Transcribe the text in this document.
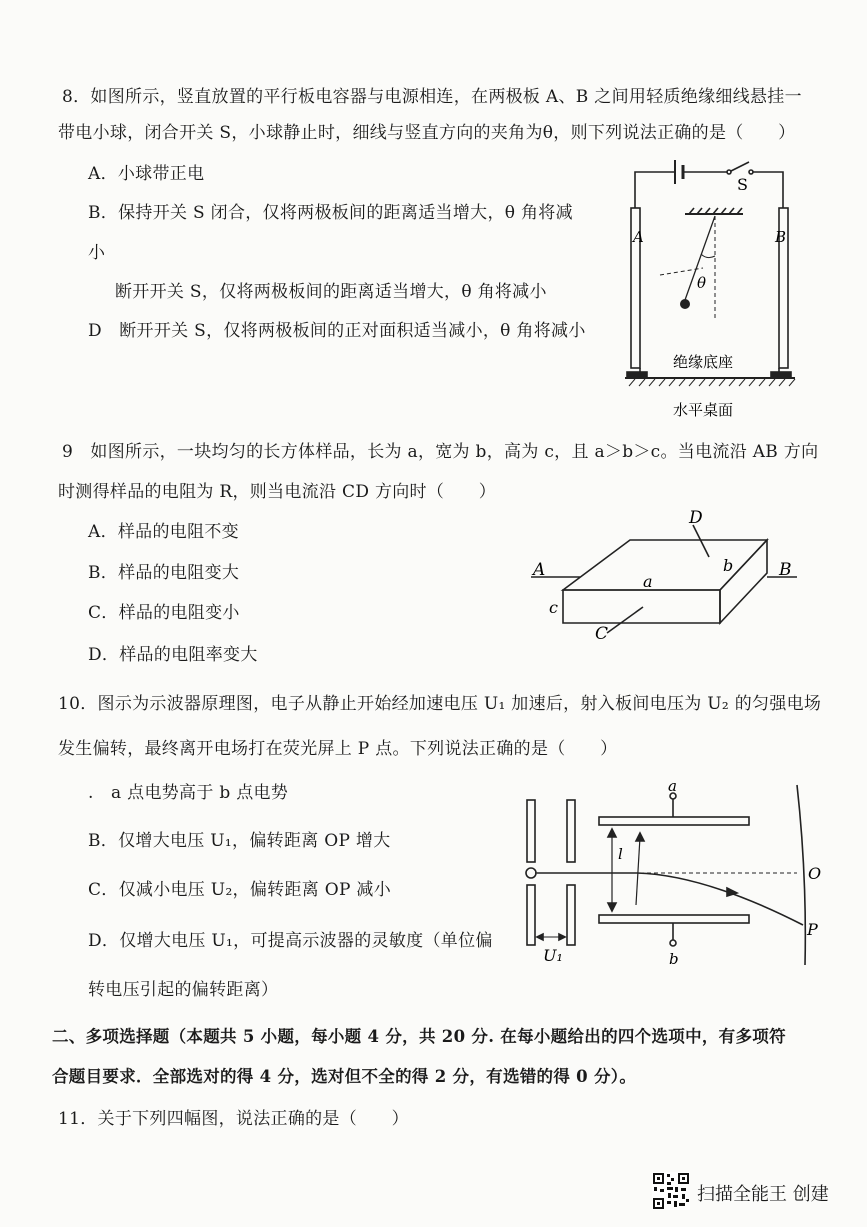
8．如图所示，竖直放置的平行板电容器与电源相连，在两极板 A、B 之间用轻质绝缘细线悬挂一
带电小球，闭合开关 S，小球静止时，细线与竖直方向的夹角为θ，则下列说法正确的是（　　）
A．小球带正电
B．保持开关 S 闭合，仅将两极板间的距离适当增大，θ 角将减
小
断开开关 S，仅将两极板间的距离适当增大，θ 角将减小
D　断开开关 S，仅将两极板间的正对面积适当减小，θ 角将减小
S
A	B
θ
绝缘底座
水平桌面
9　如图所示，一块均匀的长方体样品，长为 a，宽为 b，高为 c，且 a＞b＞c。当电流沿 AB 方向
时测得样品的电阻为 R，则当电流沿 CD 方向时（　　）
A．样品的电阻不变
B．样品的电阻变大
C．样品的电阻变小
D．样品的电阻率变大
a
b
c
A	B
C
D
10．图示为示波器原理图，电子从静止开始经加速电压 U₁ 加速后，射入板间电压为 U₂ 的匀强电场
发生偏转，最终离开电场打在荧光屏上 P 点。下列说法正确的是（　　）
.　a 点电势高于 b 点电势
B．仅增大电压 U₁，偏转距离 OP 增大
C．仅减小电压 U₂，偏转距离 OP 减小
D．仅增大电压 U₁，可提高示波器的灵敏度（单位偏
转电压引起的偏转距离）
a
b
l
O
P
U₁
二、多项选择题（本题共 5 小题，每小题 4 分，共 20 分. 在每小题给出的四个选项中，有多项符
合题目要求．全部选对的得 4 分，选对但不全的得 2 分，有选错的得 0 分）。
11．关于下列四幅图，说法正确的是（　　）
扫描全能王 创建
